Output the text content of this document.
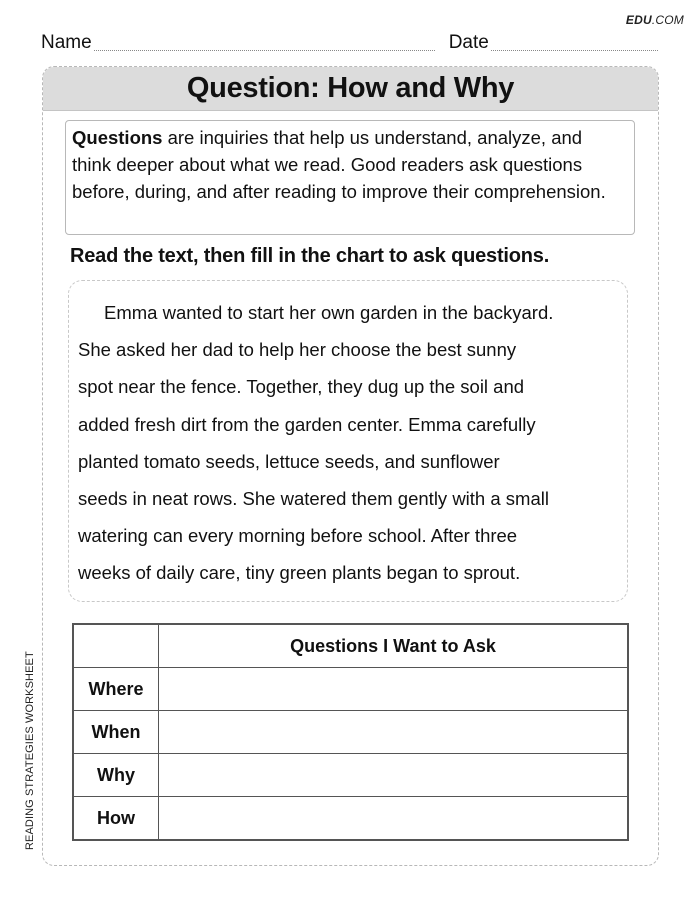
EDU.COM
Name	Date
Question: How and Why
Questions are inquiries that help us understand, analyze, and think deeper about what we read. Good readers ask questions before, during, and after reading to improve their comprehension.
Read the text, then fill in the chart to ask questions.
Emma wanted to start her own garden in the backyard.
She asked her dad to help her choose the best sunny
spot near the fence. Together, they dug up the soil and
added fresh dirt from the garden center. Emma carefully
planted tomato seeds, lettuce seeds, and sunflower
seeds in neat rows. She watered them gently with a small
watering can every morning before school. After three
weeks of daily care, tiny green plants began to sprout.
	Questions I Want to Ask
Where	
When	
Why	
How	
READING STRATEGIES WORKSHEET
